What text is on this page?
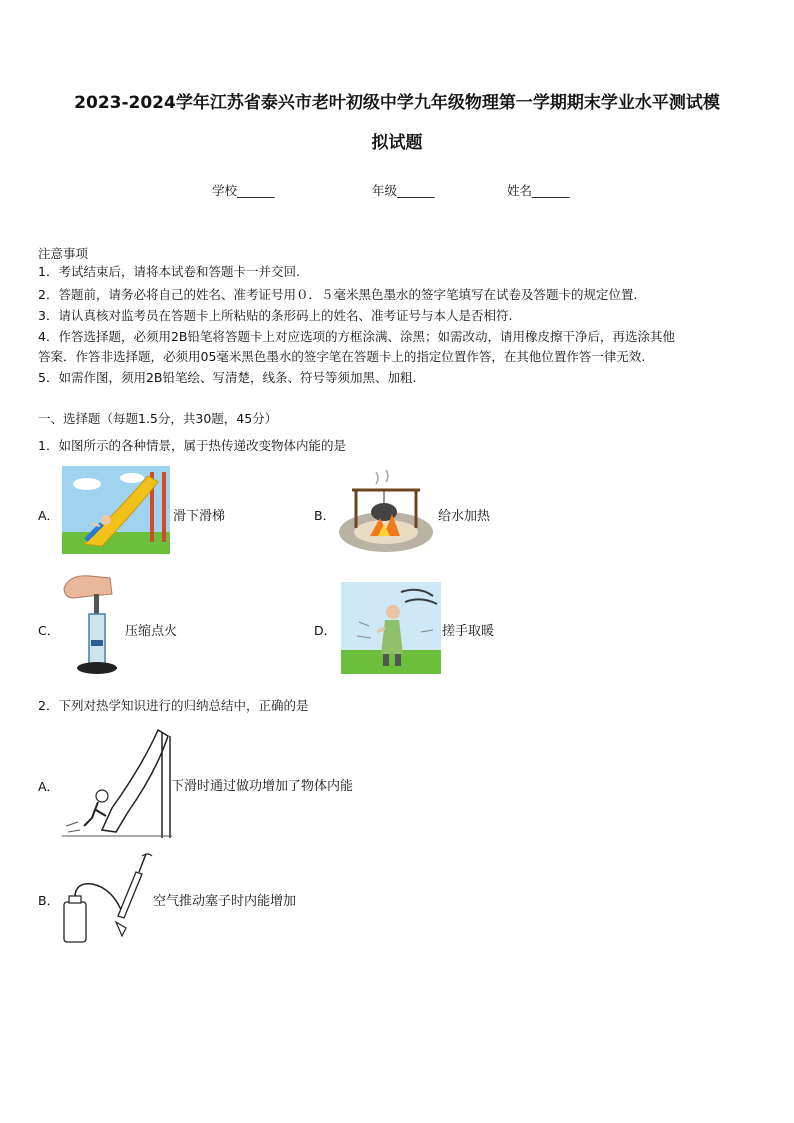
2023-2024学年江苏省泰兴市老叶初级中学九年级物理第一学期期末学业水平测试模
拟试题
学校______	年级______	姓名______
注意事项
1．考试结束后，请将本试卷和答题卡一并交回.
2．答题前，请务必将自己的姓名、准考证号用０．５毫米黑色墨水的签字笔填写在试卷及答题卡的规定位置.
3．请认真核对监考员在答题卡上所粘贴的条形码上的姓名、准考证号与本人是否相符.
4．作答选择题，必须用2B铅笔将答题卡上对应选项的方框涂满、涂黑；如需改动，请用橡皮擦干净后，再选涂其他
答案．作答非选择题，必须用05毫米黑色墨水的签字笔在答题卡上的指定位置作答，在其他位置作答一律无效.
5．如需作图，须用2B铅笔绘、写清楚，线条、符号等须加黑、加粗.
一、选择题（每题1.5分，共30题，45分）
1．如图所示的各种情景，属于热传递改变物体内能的是
A．	滑下滑梯	B．	给水加热
C．	压缩点火	D．	搓手取暖
2．下列对热学知识进行的归纳总结中，正确的是
A．	下滑时通过做功增加了物体内能
B．	空气推动塞子时内能增加
